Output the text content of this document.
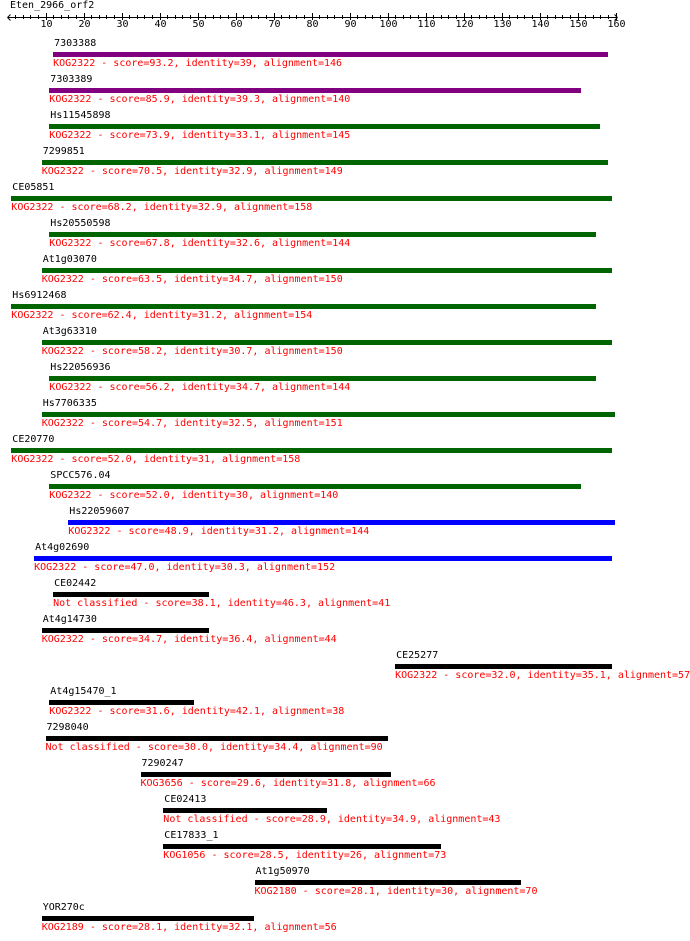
Eten_2966_orf2
10	20	30	40	50	60	70	80	90 100 110 120 130 140 150 160
7303388
KOG2322 - score=93.2, identity=39, alignment=146
7303389
KOG2322 - score=85.9, identity=39.3, alignment=140
Hs11545898
KOG2322 - score=73.9, identity=33.1, alignment=145
7299851
KOG2322 - score=70.5, identity=32.9, alignment=149
CE05851
KOG2322 - score=68.2, identity=32.9, alignment=158
Hs20550598
KOG2322 - score=67.8, identity=32.6, alignment=144
At1g03070
KOG2322 - score=63.5, identity=34.7, alignment=150
Hs6912468
KOG2322 - score=62.4, identity=31.2, alignment=154
At3g63310
KOG2322 - score=58.2, identity=30.7, alignment=150
Hs22056936
KOG2322 - score=56.2, identity=34.7, alignment=144
Hs7706335
KOG2322 - score=54.7, identity=32.5, alignment=151
CE20770
KOG2322 - score=52.0, identity=31, alignment=158
SPCC576.04
KOG2322 - score=52.0, identity=30, alignment=140
Hs22059607
KOG2322 - score=48.9, identity=31.2, alignment=144
At4g02690
KOG2322 - score=47.0, identity=30.3, alignment=152
CE02442
Not classified - score=38.1, identity=46.3, alignment=41
At4g14730
KOG2322 - score=34.7, identity=36.4, alignment=44
CE25277
KOG2322 - score=32.0, identity=35.1, alignment=57
At4g15470_1
KOG2322 - score=31.6, identity=42.1, alignment=38
7298040
Not classified - score=30.0, identity=34.4, alignment=90
7290247
KOG3656 - score=29.6, identity=31.8, alignment=66
CE02413
Not classified - score=28.9, identity=34.9, alignment=43
CE17833_1
KOG1056 - score=28.5, identity=26, alignment=73
At1g50970
KOG2180 - score=28.1, identity=30, alignment=70
YOR270c
KOG2189 - score=28.1, identity=32.1, alignment=56
